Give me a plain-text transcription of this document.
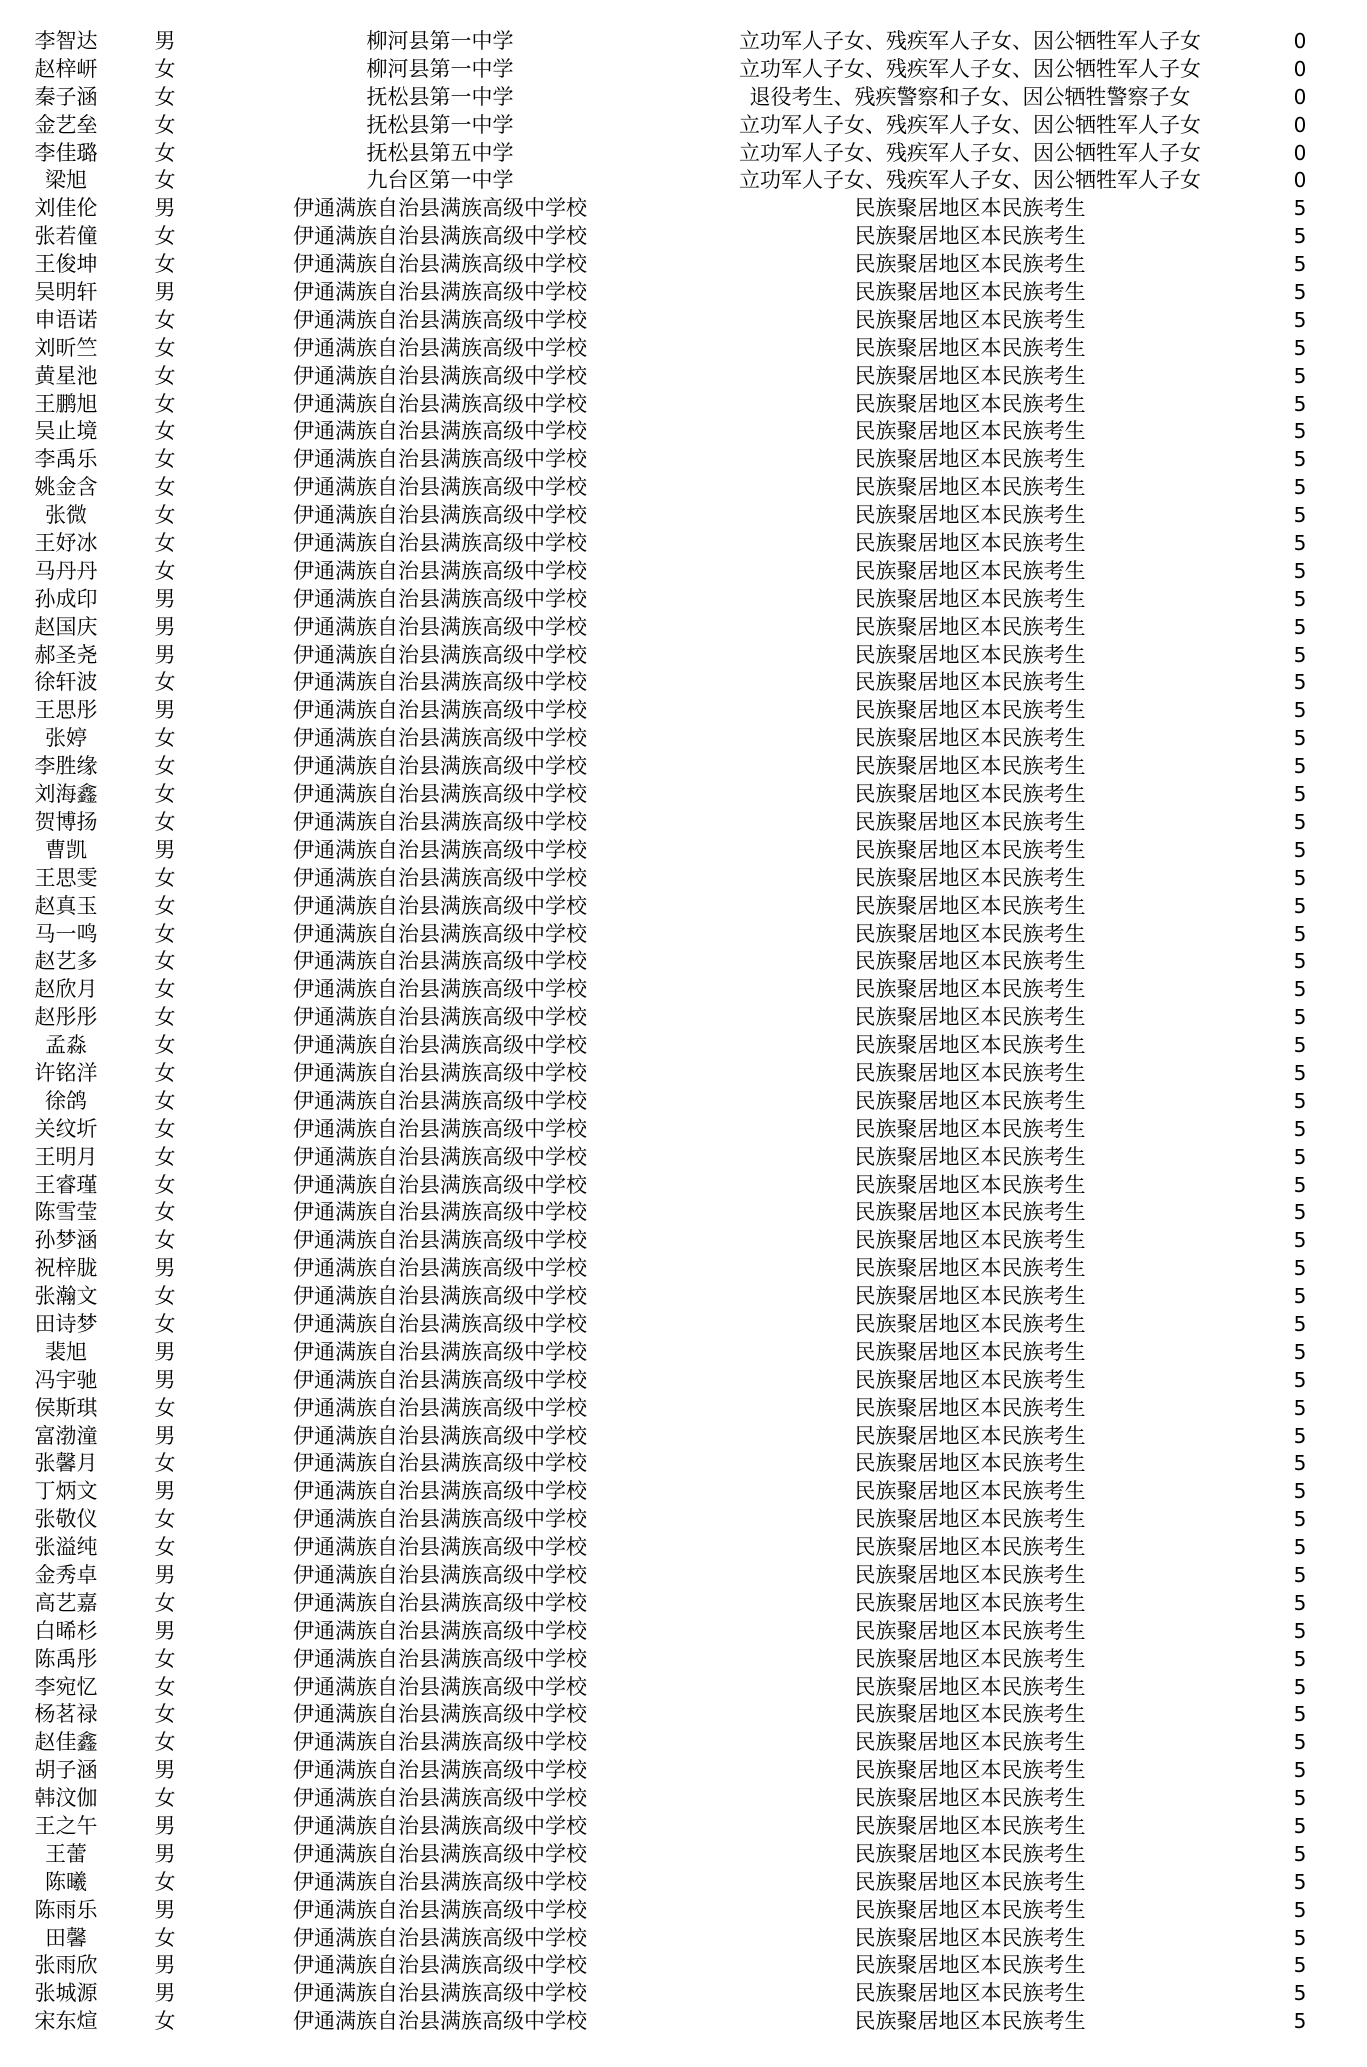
李智达	男	柳河县第一中学	立功军人子女、残疾军人子女、因公牺牲军人子女	0
赵梓岍	女	柳河县第一中学	立功军人子女、残疾军人子女、因公牺牲军人子女	0
秦子涵	女	抚松县第一中学	退役考生、残疾警察和子女、因公牺牲警察子女	0
金艺垒	女	抚松县第一中学	立功军人子女、残疾军人子女、因公牺牲军人子女	0
李佳璐	女	抚松县第五中学	立功军人子女、残疾军人子女、因公牺牲军人子女	0
梁旭	女	九台区第一中学	立功军人子女、残疾军人子女、因公牺牲军人子女	0
刘佳伦	男	伊通满族自治县满族高级中学校	民族聚居地区本民族考生	5
张若僮	女	伊通满族自治县满族高级中学校	民族聚居地区本民族考生	5
王俊坤	女	伊通满族自治县满族高级中学校	民族聚居地区本民族考生	5
吴明轩	男	伊通满族自治县满族高级中学校	民族聚居地区本民族考生	5
申语诺	女	伊通满族自治县满族高级中学校	民族聚居地区本民族考生	5
刘昕竺	女	伊通满族自治县满族高级中学校	民族聚居地区本民族考生	5
黄星池	女	伊通满族自治县满族高级中学校	民族聚居地区本民族考生	5
王鹏旭	女	伊通满族自治县满族高级中学校	民族聚居地区本民族考生	5
吴止境	女	伊通满族自治县满族高级中学校	民族聚居地区本民族考生	5
李禹乐	女	伊通满族自治县满族高级中学校	民族聚居地区本民族考生	5
姚金含	女	伊通满族自治县满族高级中学校	民族聚居地区本民族考生	5
张微	女	伊通满族自治县满族高级中学校	民族聚居地区本民族考生	5
王妤冰	女	伊通满族自治县满族高级中学校	民族聚居地区本民族考生	5
马丹丹	女	伊通满族自治县满族高级中学校	民族聚居地区本民族考生	5
孙成印	男	伊通满族自治县满族高级中学校	民族聚居地区本民族考生	5
赵国庆	男	伊通满族自治县满族高级中学校	民族聚居地区本民族考生	5
郝圣尧	男	伊通满族自治县满族高级中学校	民族聚居地区本民族考生	5
徐轩波	女	伊通满族自治县满族高级中学校	民族聚居地区本民族考生	5
王思彤	男	伊通满族自治县满族高级中学校	民族聚居地区本民族考生	5
张婷	女	伊通满族自治县满族高级中学校	民族聚居地区本民族考生	5
李胜缘	女	伊通满族自治县满族高级中学校	民族聚居地区本民族考生	5
刘海鑫	女	伊通满族自治县满族高级中学校	民族聚居地区本民族考生	5
贺博扬	女	伊通满族自治县满族高级中学校	民族聚居地区本民族考生	5
曹凯	男	伊通满族自治县满族高级中学校	民族聚居地区本民族考生	5
王思雯	女	伊通满族自治县满族高级中学校	民族聚居地区本民族考生	5
赵真玉	女	伊通满族自治县满族高级中学校	民族聚居地区本民族考生	5
马一鸣	女	伊通满族自治县满族高级中学校	民族聚居地区本民族考生	5
赵艺多	女	伊通满族自治县满族高级中学校	民族聚居地区本民族考生	5
赵欣月	女	伊通满族自治县满族高级中学校	民族聚居地区本民族考生	5
赵彤彤	女	伊通满族自治县满族高级中学校	民族聚居地区本民族考生	5
孟淼	女	伊通满族自治县满族高级中学校	民族聚居地区本民族考生	5
许铭洋	女	伊通满族自治县满族高级中学校	民族聚居地区本民族考生	5
徐鸽	女	伊通满族自治县满族高级中学校	民族聚居地区本民族考生	5
关纹圻	女	伊通满族自治县满族高级中学校	民族聚居地区本民族考生	5
王明月	女	伊通满族自治县满族高级中学校	民族聚居地区本民族考生	5
王睿瑾	女	伊通满族自治县满族高级中学校	民族聚居地区本民族考生	5
陈雪莹	女	伊通满族自治县满族高级中学校	民族聚居地区本民族考生	5
孙梦涵	女	伊通满族自治县满族高级中学校	民族聚居地区本民族考生	5
祝梓胧	男	伊通满族自治县满族高级中学校	民族聚居地区本民族考生	5
张瀚文	女	伊通满族自治县满族高级中学校	民族聚居地区本民族考生	5
田诗梦	女	伊通满族自治县满族高级中学校	民族聚居地区本民族考生	5
裴旭	男	伊通满族自治县满族高级中学校	民族聚居地区本民族考生	5
冯宇驰	男	伊通满族自治县满族高级中学校	民族聚居地区本民族考生	5
侯斯琪	女	伊通满族自治县满族高级中学校	民族聚居地区本民族考生	5
富渤潼	男	伊通满族自治县满族高级中学校	民族聚居地区本民族考生	5
张馨月	女	伊通满族自治县满族高级中学校	民族聚居地区本民族考生	5
丁炳文	男	伊通满族自治县满族高级中学校	民族聚居地区本民族考生	5
张敬仪	女	伊通满族自治县满族高级中学校	民族聚居地区本民族考生	5
张溢纯	女	伊通满族自治县满族高级中学校	民族聚居地区本民族考生	5
金秀卓	男	伊通满族自治县满族高级中学校	民族聚居地区本民族考生	5
高艺嘉	女	伊通满族自治县满族高级中学校	民族聚居地区本民族考生	5
白晞杉	男	伊通满族自治县满族高级中学校	民族聚居地区本民族考生	5
陈禹彤	女	伊通满族自治县满族高级中学校	民族聚居地区本民族考生	5
李宛忆	女	伊通满族自治县满族高级中学校	民族聚居地区本民族考生	5
杨茗禄	女	伊通满族自治县满族高级中学校	民族聚居地区本民族考生	5
赵佳鑫	女	伊通满族自治县满族高级中学校	民族聚居地区本民族考生	5
胡子涵	男	伊通满族自治县满族高级中学校	民族聚居地区本民族考生	5
韩汶伽	女	伊通满族自治县满族高级中学校	民族聚居地区本民族考生	5
王之午	男	伊通满族自治县满族高级中学校	民族聚居地区本民族考生	5
王蕾	男	伊通满族自治县满族高级中学校	民族聚居地区本民族考生	5
陈曦	女	伊通满族自治县满族高级中学校	民族聚居地区本民族考生	5
陈雨乐	男	伊通满族自治县满族高级中学校	民族聚居地区本民族考生	5
田馨	女	伊通满族自治县满族高级中学校	民族聚居地区本民族考生	5
张雨欣	男	伊通满族自治县满族高级中学校	民族聚居地区本民族考生	5
张城源	男	伊通满族自治县满族高级中学校	民族聚居地区本民族考生	5
宋东煊	女	伊通满族自治县满族高级中学校	民族聚居地区本民族考生	5
